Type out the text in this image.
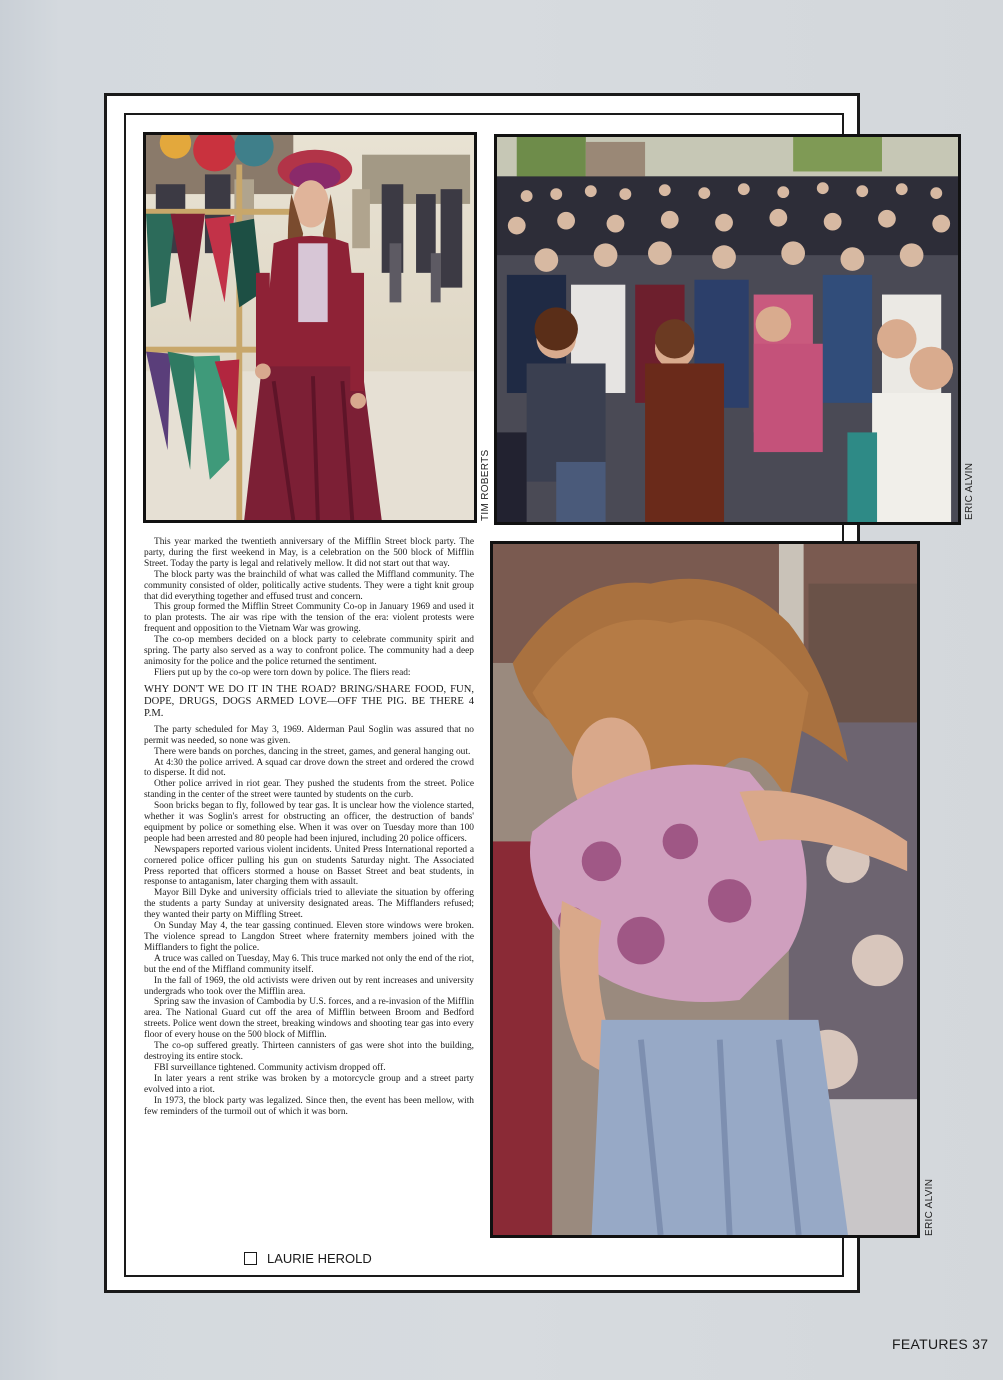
TIM ROBERTS	ERIC ALVIN
ERIC ALVIN

This year marked the twentieth anniversary of the Mifflin Street block party. The party, during the first weekend in May, is a celebration on the 500 block of Mifflin Street. Today the party is legal and relatively mellow. It did not start out that way.

The block party was the brainchild of what was called the Miffland community. The community consisted of older, politically active students. They were a tight knit group that did everything together and effused trust and concern.

This group formed the Mifflin Street Community Co-op in January 1969 and used it to plan protests. The air was ripe with the tension of the era: violent protests were frequent and opposition to the Vietnam War was growing.

The co-op members decided on a block party to celebrate community spirit and spring. The party also served as a way to confront police. The community had a deep animosity for the police and the police returned the sentiment.

Fliers put up by the co-op were torn down by police. The fliers read:

WHY DON'T WE DO IT IN THE ROAD? BRING/SHARE FOOD, FUN, DOPE, DRUGS, DOGS ARMED LOVE—OFF THE PIG. BE THERE 4 P.M.

The party scheduled for May 3, 1969. Alderman Paul Soglin was assured that no permit was needed, so none was given.

There were bands on porches, dancing in the street, games, and general hanging out.

At 4:30 the police arrived. A squad car drove down the street and ordered the crowd to disperse. It did not.

Other police arrived in riot gear. They pushed the students from the street. Police standing in the center of the street were taunted by students on the curb.

Soon bricks began to fly, followed by tear gas. It is unclear how the violence started, whether it was Soglin's arrest for obstructing an officer, the destruction of bands' equipment by police or something else. When it was over on Tuesday more than 100 people had been arrested and 80 people had been injured, including 20 police officers.

Newspapers reported various violent incidents. United Press International reported a cornered police officer pulling his gun on students Saturday night. The Associated Press reported that officers stormed a house on Basset Street and beat students, in response to antaganism, later charging them with assault.

Mayor Bill Dyke and university officials tried to alleviate the situation by offering the students a party Sunday at university designated areas. The Mifflanders refused; they wanted their party on Miffling Street.

On Sunday May 4, the tear gassing continued. Eleven store windows were broken. The violence spread to Langdon Street where fraternity members joined with the Mifflanders to fight the police.

A truce was called on Tuesday, May 6. This truce marked not only the end of the riot, but the end of the Miffland community itself.

In the fall of 1969, the old activists were driven out by rent increases and university undergrads who took over the Mifflin area.

Spring saw the invasion of Cambodia by U.S. forces, and a re-invasion of the Mifflin area. The National Guard cut off the area of Mifflin between Broom and Bedford streets. Police went down the street, breaking windows and shooting tear gas into every floor of every house on the 500 block of Mifflin.

The co-op suffered greatly. Thirteen cannisters of gas were shot into the building, destroying its entire stock.

FBI surveillance tightened. Community activism dropped off.

In later years a rent strike was broken by a motorcycle group and a street party evolved into a riot.

In 1973, the block party was legalized. Since then, the event has been mellow, with few reminders of the turmoil out of which it was born.

LAURIE HEROLD
FEATURES 37
